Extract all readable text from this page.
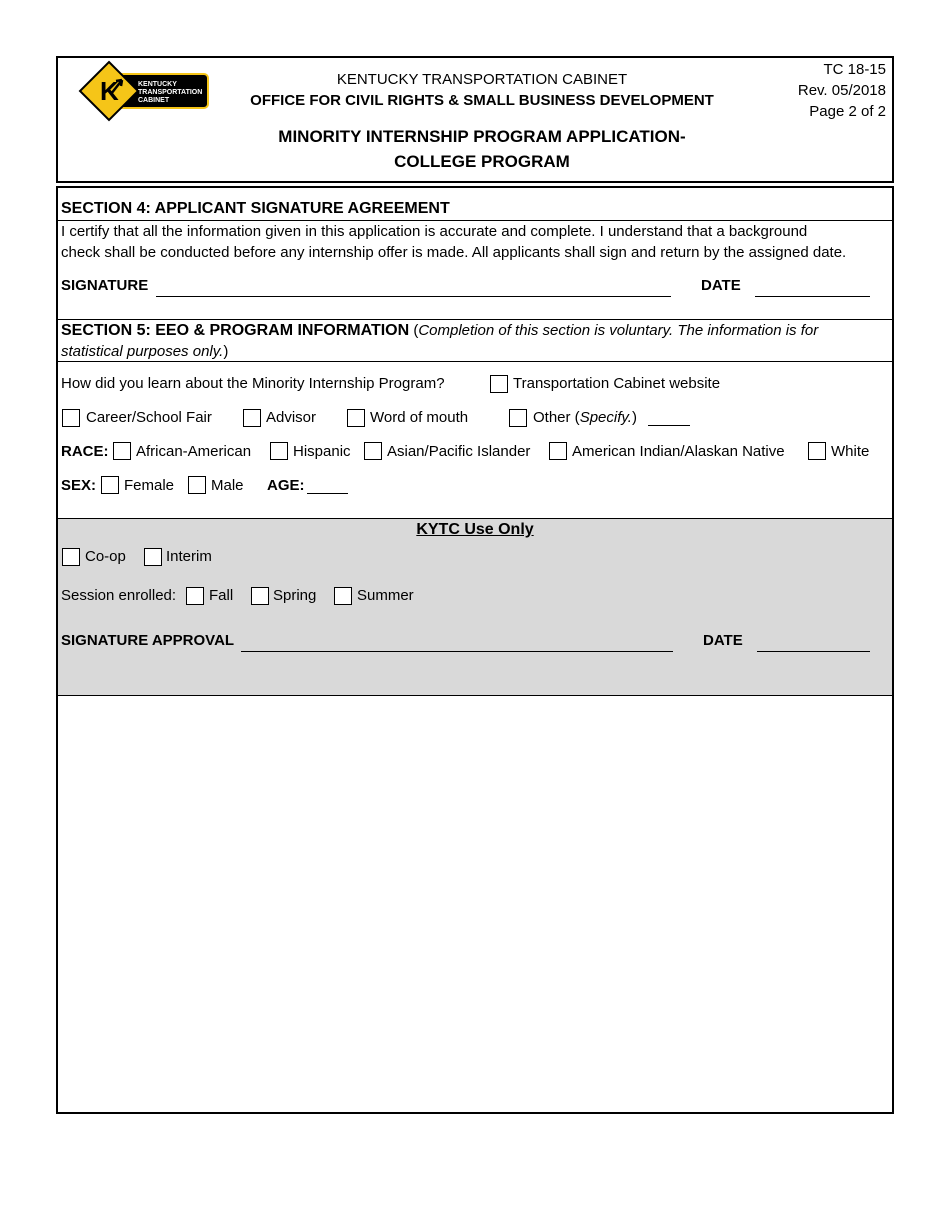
K	KENTUCKY
TRANSPORTATION
CABINET
KENTUCKY TRANSPORTATION CABINET
OFFICE FOR CIVIL RIGHTS & SMALL BUSINESS DEVELOPMENT
MINORITY INTERNSHIP PROGRAM APPLICATION-
COLLEGE PROGRAM
TC 18-15
Rev. 05/2018
Page 2 of 2
SECTION 4: APPLICANT SIGNATURE AGREEMENT
I certify that all the information given in this application is accurate and complete. I understand that a background
check shall be conducted before any internship offer is made. All applicants shall sign and return by the assigned date.
SIGNATURE	DATE
SECTION 5: EEO & PROGRAM INFORMATION (Completion of this section is voluntary. The information is for
statistical purposes only.)
How did you learn about the Minority Internship Program?	Transportation Cabinet website
Career/School Fair	Advisor	Word of mouth	Other (Specify.)
RACE: African-American	Hispanic Asian/Pacific Islander	American Indian/Alaskan Native	White
SEX: Female Male AGE:
KYTC Use Only
Co-op	Interim
Session enrolled: Fall	Spring	Summer
SIGNATURE APPROVAL	DATE
